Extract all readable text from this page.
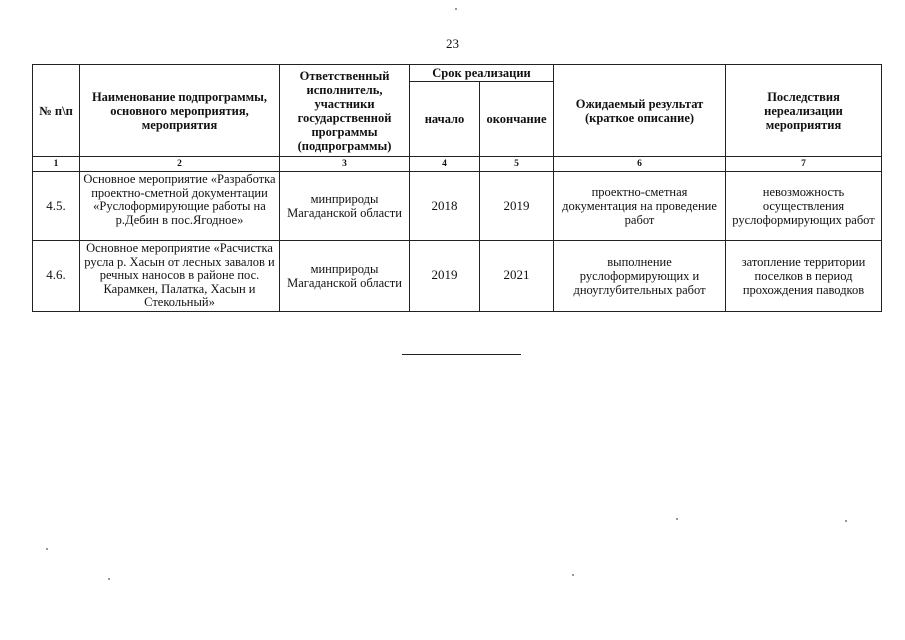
23
№ п\п	Наименование подпрограммы, основного мероприятия, мероприятия	Ответственный исполнитель, участники государственной программы (подпрограммы)	Срок реализации		Ожидаемый результат (краткое описание)	Последствия нереализации мероприятия
			начало	окончание		
1	2	3	4	5	6	7
4.5.	Основное мероприятие «Разработка проектно-сметной документации «Руслоформирующие работы на р.Дебин в пос.Ягодное»	минприроды Магаданской области	2018	2019	проектно-сметная документация на проведение работ	невозможность осуществления руслоформирующих работ
4.6.	Основное мероприятие «Расчистка русла р. Хасын от лесных завалов и речных наносов в районе пос. Карамкен, Палатка, Хасын и Стекольный»	минприроды Магаданской области	2019	2021	выполнение руслоформирующих и дноуглубительных работ	затопление территории поселков в период прохождения паводков
